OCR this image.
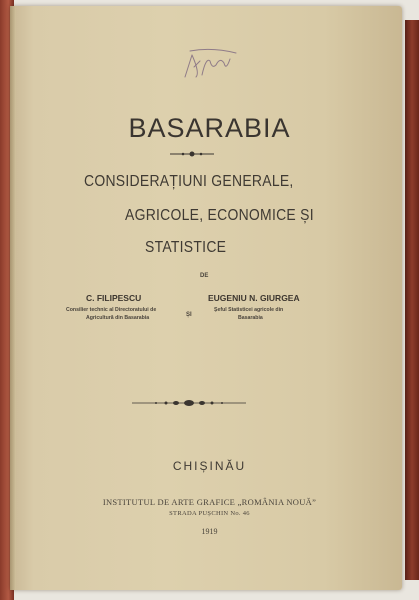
BASARABIA
CONSIDERAȚIUNI GENERALE,
AGRICOLE, ECONOMICE ȘI
STATISTICE
DE
C. FILIPESCU
Consilier technic al Directoratului de
Agricultură din Basarabia	ȘI
EUGENIU N. GIURGEA
Șeful Statisticei agricole din
Basarabia
CHIȘINĂU
INSTITUTUL DE ARTE GRAFICE „ROMÂNIA NOUĂ”
STRADA PUȘCHIN No. 46
1919
